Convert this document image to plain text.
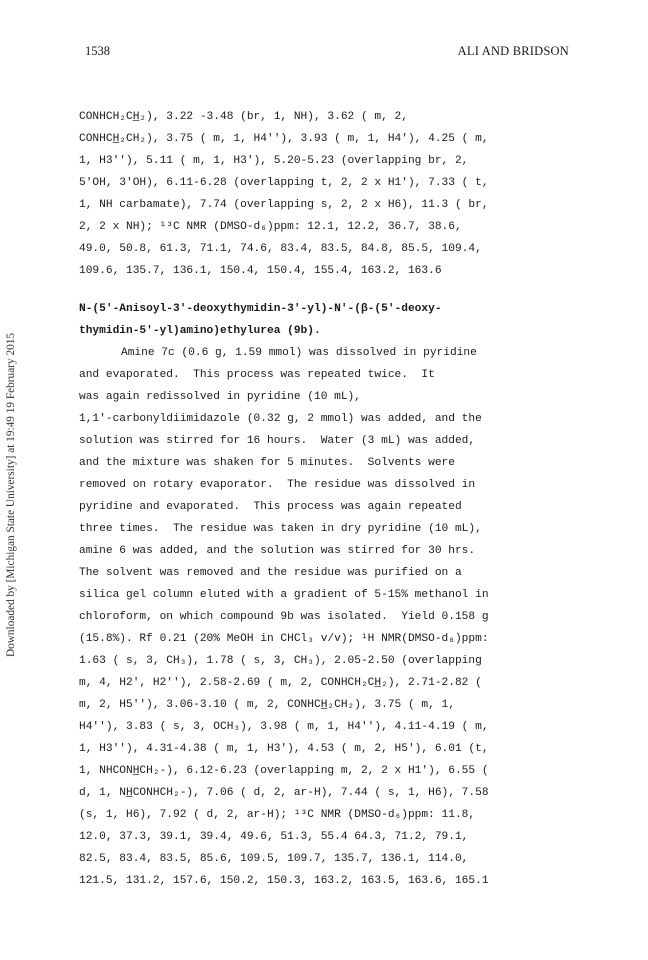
1538	ALI AND BRIDSON
Downloaded by [Michigan State University] at 19:49 19 February 2015

CONHCH₂CH̲₂), 3.22 -3.48 (br, 1, NH), 3.62 ( m, 2,
CONHCH̲₂CH₂), 3.75 ( m, 1, H4''), 3.93 ( m, 1, H4'), 4.25 ( m,
1, H3''), 5.11 ( m, 1, H3'), 5.20-5.23 (overlapping br, 2,
5'OH, 3'OH), 6.11-6.28 (overlapping t, 2, 2 x H1'), 7.33 ( t,
1, NH carbamate), 7.74 (overlapping s, 2, 2 x H6), 11.3 ( br,
2, 2 x NH); ¹³C NMR (DMSO-d₆)ppm: 12.1, 12.2, 36.7, 38.6,
49.0, 50.8, 61.3, 71.1, 74.6, 83.4, 83.5, 84.8, 85.5, 109.4,
109.6, 135.7, 136.1, 150.4, 150.4, 155.4, 163.2, 163.6

N-(5'-Anisoyl-3'-deoxythymidin-3'-yl)-N'-(β-(5'-deoxy-
thymidin-5'-yl)amino)ethylurea (9b).

Amine 7c (0.6 g, 1.59 mmol) was dissolved in pyridine
and evaporated.  This process was repeated twice.  It
was again redissolved in pyridine (10 mL),
1,1'-carbonyldiimidazole (0.32 g, 2 mmol) was added, and the
solution was stirred for 16 hours.  Water (3 mL) was added,
and the mixture was shaken for 5 minutes.  Solvents were
removed on rotary evaporator.  The residue was dissolved in
pyridine and evaporated.  This process was again repeated
three times.  The residue was taken in dry pyridine (10 mL),
amine 6 was added, and the solution was stirred for 30 hrs.
The solvent was removed and the residue was purified on a
silica gel column eluted with a gradient of 5-15% methanol in
chloroform, on which compound 9b was isolated.  Yield 0.158 g
(15.8%). Rf 0.21 (20% MeOH in CHCl₃ v/v); ¹H NMR(DMSO-d₆)ppm:
1.63 ( s, 3, CH₃), 1.78 ( s, 3, CH₃), 2.05-2.50 (overlapping
m, 4, H2', H2''), 2.58-2.69 ( m, 2, CONHCH₂CH̲₂), 2.71-2.82 (
m, 2, H5''), 3.06-3.10 ( m, 2, CONHCH̲₂CH₂), 3.75 ( m, 1,
H4''), 3.83 ( s, 3, OCH₃), 3.98 ( m, 1, H4''), 4.11-4.19 ( m,
1, H3''), 4.31-4.38 ( m, 1, H3'), 4.53 ( m, 2, H5'), 6.01 (t,
1, NHCONH̲CH₂-), 6.12-6.23 (overlapping m, 2, 2 x H1'), 6.55 (
d, 1, NH̲CONHCH₂-), 7.06 ( d, 2, ar-H), 7.44 ( s, 1, H6), 7.58
(s, 1, H6), 7.92 ( d, 2, ar-H); ¹³C NMR (DMSO-d₆)ppm: 11.8,
12.0, 37.3, 39.1, 39.4, 49.6, 51.3, 55.4 64.3, 71.2, 79.1,
82.5, 83.4, 83.5, 85.6, 109.5, 109.7, 135.7, 136.1, 114.0,
121.5, 131.2, 157.6, 150.2, 150.3, 163.2, 163.5, 163.6, 165.1
